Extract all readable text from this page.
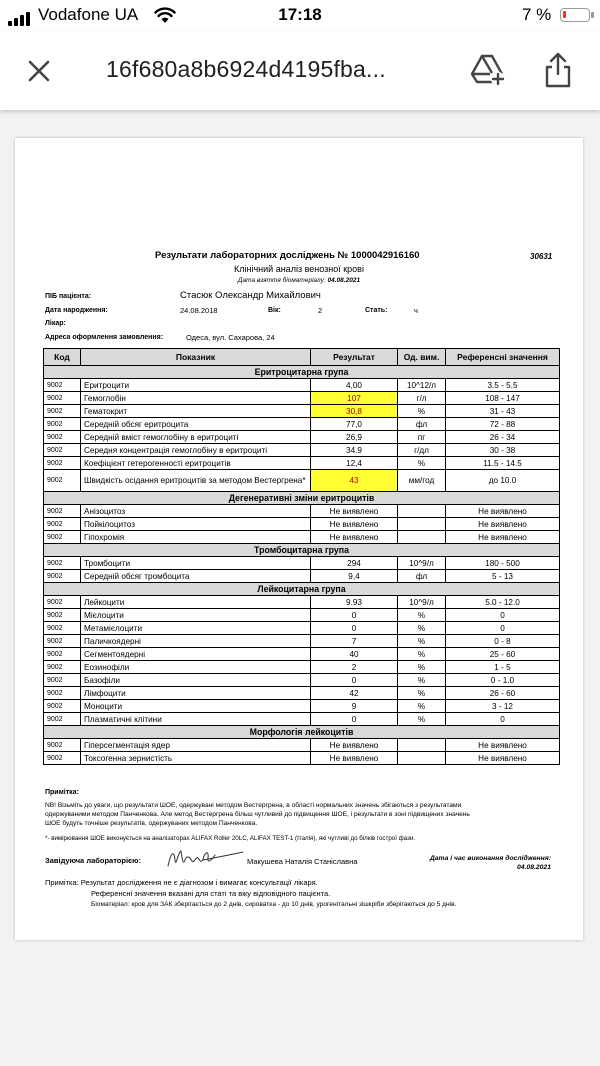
Vodafone UA	17:18	7 %
16f680a8b6924d4195fba...
Результати лабораторних досліджень № 1000042916160	30631
Клінічний аналіз венозної крові
Дата взяття біоматеріалу: 04.08.2021
ПІБ пацієнта:	Стасюк Олександр Михайлович
Дата народження:	24.08.2018	Вік:	2	Стать:	ч
Лікар:
Адреса оформлення замовлення:	Одеса, вул. Сахарова, 24
Код	Показник	Результат	Од. вим.	Референсні значення
Еритроцитарна група				
9002	Еритроцити	4,00	10^12/л	3.5 - 5.5
9002	Гемоглобін	107	г/л	108 - 147
9002	Гематокрит	30,8	%	31 - 43
9002	Середній обсяг еритроцита	77,0	фл	72 - 88
9002	Середній вміст гемоглобіну в еритроциті	26,9	пг	26 - 34
9002	Середня концентрація гемоглобіну в еритроциті	34.9	г/дл	30 - 38
9002	Коефіцієнт гетерогенності еритроцитів	12,4	%	11.5 - 14.5
9002	Швидкість осідання еритроцитів за методом Вестергрена*	43	мм/год	до 10.0
Дегенеративні зміни еритроцитів				
9002	Анізоцитоз	Не виявлено		Не виявлено
9002	Пойкілоцитоз	Не виявлено		Не виявлено
9002	Гіпохромія	Не виявлено		Не виявлено
Тромбоцитарна група				
9002	Тромбоцити	294	10^9/л	180 - 500
9002	Середній обсяг тромбоцита	9,4	фл	5 - 13
Лейкоцитарна група				
9002	Лейкоцити	9.93	10^9/л	5.0 - 12.0
9002	Мієлоцити	0	%	0
9002	Метамієлоцити	0	%	0
9002	Паличкоядерні	7	%	0 - 8
9002	Сегментоядерні	40	%	25 - 60
9002	Еозинофіли	2	%	1 - 5
9002	Базофіли	0	%	0 - 1.0
9002	Лімфоцити	42	%	26 - 60
9002	Моноцити	9	%	3 - 12
9002	Плазматичні клітини	0	%	0
Морфологія лейкоцитів				
9002	Гіперсегментація ядер	Не виявлено		Не виявлено
9002	Токсогенна зернистість	Не виявлено		Не виявлено
Примітка:
NB! Візьміть до уваги, що результати ШОЕ, одержувані методом Вестергрена, в області нормальних значень збігаються з результатами
одержуваними методом Панченкова. Але метод Вестергрена більш чутливий до підвищення ШОЕ, і результати в зоні підвищених значень
ШОЕ будуть точніше результатів, одержуваних методом Панченкова.
*- вимірювання ШОЕ виконується на аналізаторах ALIFAX Roller 20LC, ALIFAX TEST-1 (Італія), які чутливі до білків гострої фази.
Завідуюча лабораторією:	Макушева Наталія Станіславна	Дата і час виконання дослідження:
04.08.2021
Примітка: Результат дослідження не є діагнозом і вимагає консультації лікаря.
Референсні значення вказані для статі та віку відповідного пацієнта.
Біоматеріал: кров для ЗАК зберігається до 2 днів, сироватка - до 10 днів, урогенітальні зішкріби зберігаються до 5 днів.
